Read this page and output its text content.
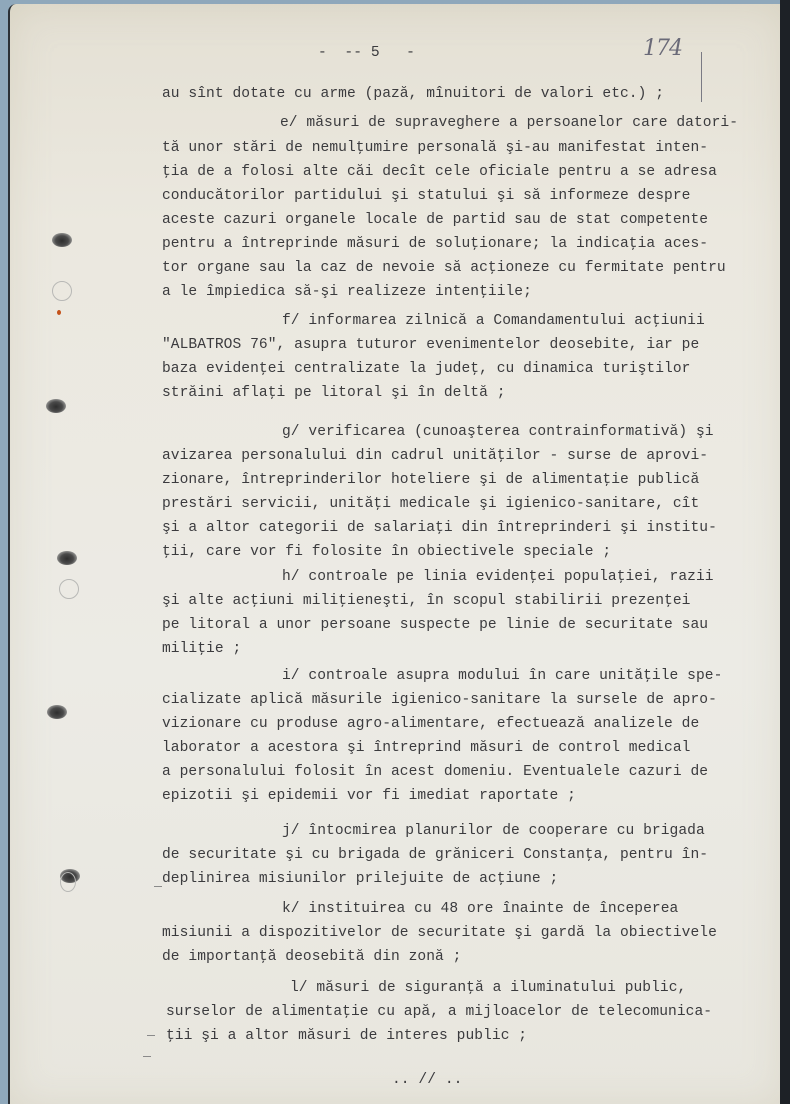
-  -- 5   -	174
au sînt dotate cu arme (pază, mînuitori de valori etc.) ;
e/ măsuri de supraveghere a persoanelor care datori-
tă unor stări de nemulţumire personală şi-au manifestat inten-
ţia de a folosi alte căi decît cele oficiale pentru a se adresa
conducătorilor partidului şi statului şi să informeze despre
aceste cazuri organele locale de partid sau de stat competente
pentru a întreprinde măsuri de soluţionare; la indicaţia aces-
tor organe sau la caz de nevoie să acţioneze cu fermitate pentru
a le împiedica să-şi realizeze intenţiile;
f/ informarea zilnică a Comandamentului acţiunii
"ALBATROS 76", asupra tuturor evenimentelor deosebite, iar pe
baza evidenţei centralizate la judeţ, cu dinamica turiştilor
străini aflaţi pe litoral şi în deltă ;
g/ verificarea (cunoaşterea contrainformativă) şi
avizarea personalului din cadrul unităţilor - surse de aprovi-
zionare, întreprinderilor hoteliere şi de alimentaţie publică
prestări servicii, unităţi medicale şi igienico-sanitare, cît
şi a altor categorii de salariaţi din întreprinderi şi institu-
ţii, care vor fi folosite în obiectivele speciale ;
h/ controale pe linia evidenţei populaţiei, razii
şi alte acţiuni miliţieneşti, în scopul stabilirii prezenţei
pe litoral a unor persoane suspecte pe linie de securitate sau
miliţie ;
i/ controale asupra modului în care unităţile spe-
cializate aplică măsurile igienico-sanitare la sursele de apro-
vizionare cu produse agro-alimentare, efectuează analizele de
laborator a acestora şi întreprind măsuri de control medical
a personalului folosit în acest domeniu. Eventualele cazuri de
epizotii şi epidemii vor fi imediat raportate ;
j/ întocmirea planurilor de cooperare cu brigada
de securitate şi cu brigada de grăniceri Constanţa, pentru în-
deplinirea misiunilor prilejuite de acţiune ;
k/ instituirea cu 48 ore înainte de începerea
misiunii a dispozitivelor de securitate şi gardă la obiectivele
de importanţă deosebită din zonă ;
l/ măsuri de siguranţă a iluminatului public,
surselor de alimentaţie cu apă, a mijloacelor de telecomunica-
ţii şi a altor măsuri de interes public ;
.. // ..
